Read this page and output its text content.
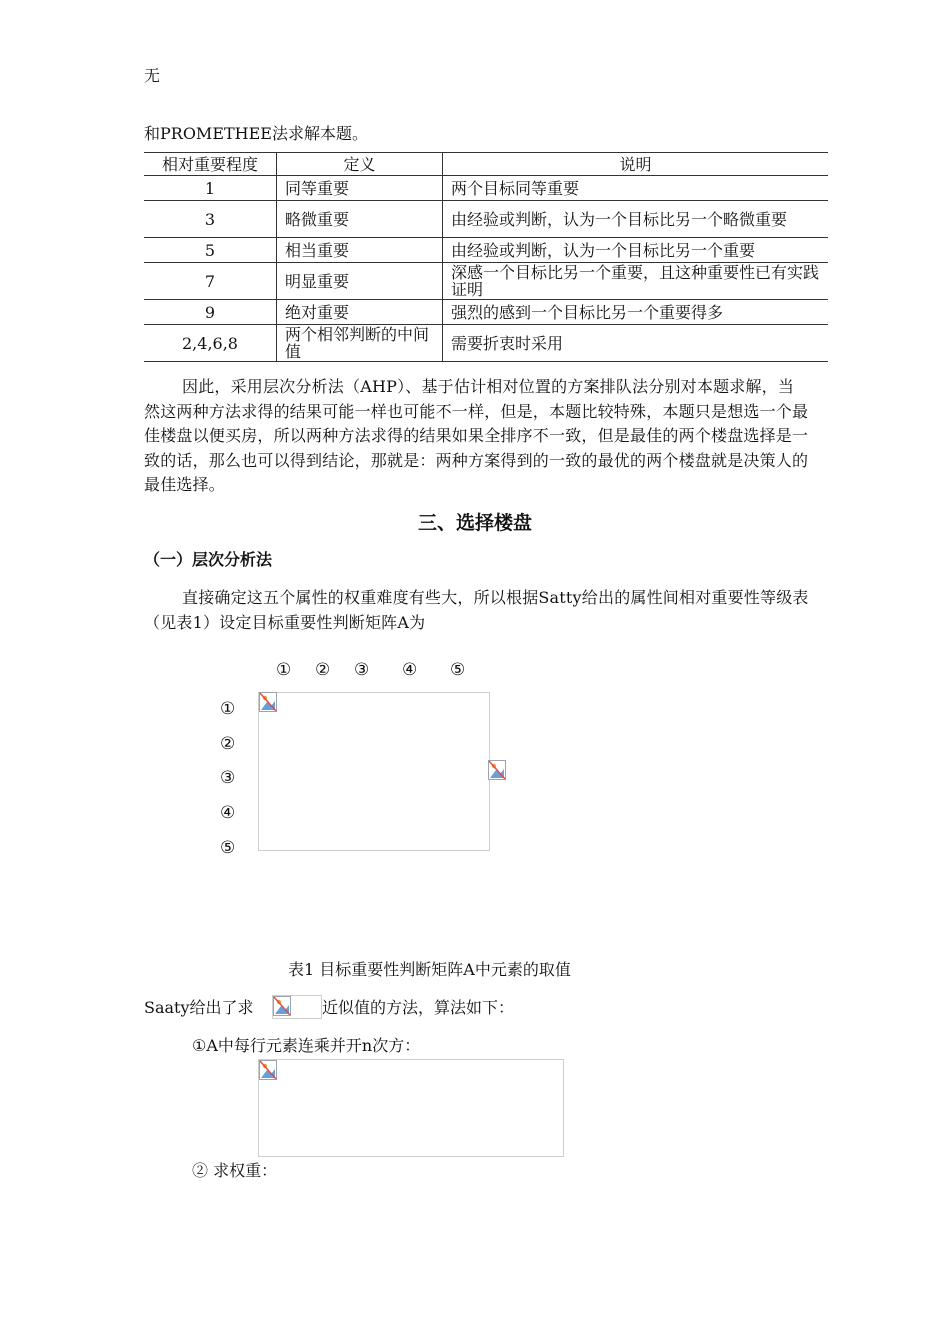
无
和PROMETHEE法求解本题。
相对重要程度	定义	说明
1	同等重要	两个目标同等重要
3	略微重要	由经验或判断，认为一个目标比另一个略微重要
5	相当重要	由经验或判断，认为一个目标比另一个重要
7	明显重要	深感一个目标比另一个重要，且这种重要性已有实践证明
9	绝对重要	强烈的感到一个目标比另一个重要得多
2,4,6,8	两个相邻判断的中间值	需要折衷时采用
因此，采用层次分析法（AHP）、基于估计相对位置的方案排队法分别对本题求解，当然这两种方法求得的结果可能一样也可能不一样，但是，本题比较特殊，本题只是想选一个最佳楼盘以便买房，所以两种方法求得的结果如果全排序不一致，但是最佳的两个楼盘选择是一致的话，那么也可以得到结论，那就是：两种方案得到的一致的最优的两个楼盘就是决策人的最佳选择。
三、选择楼盘
（一）层次分析法
直接确定这五个属性的权重难度有些大，所以根据Satty给出的属性间相对重要性等级表（见表1）设定目标重要性判断矩阵A为
① ② ③ ④ ⑤
①
②
③
④
⑤
表1 目标重要性判断矩阵A中元素的取值
Saaty给出了求	近似值的方法，算法如下：
①A中每行元素连乘并开n次方：
② 求权重：
